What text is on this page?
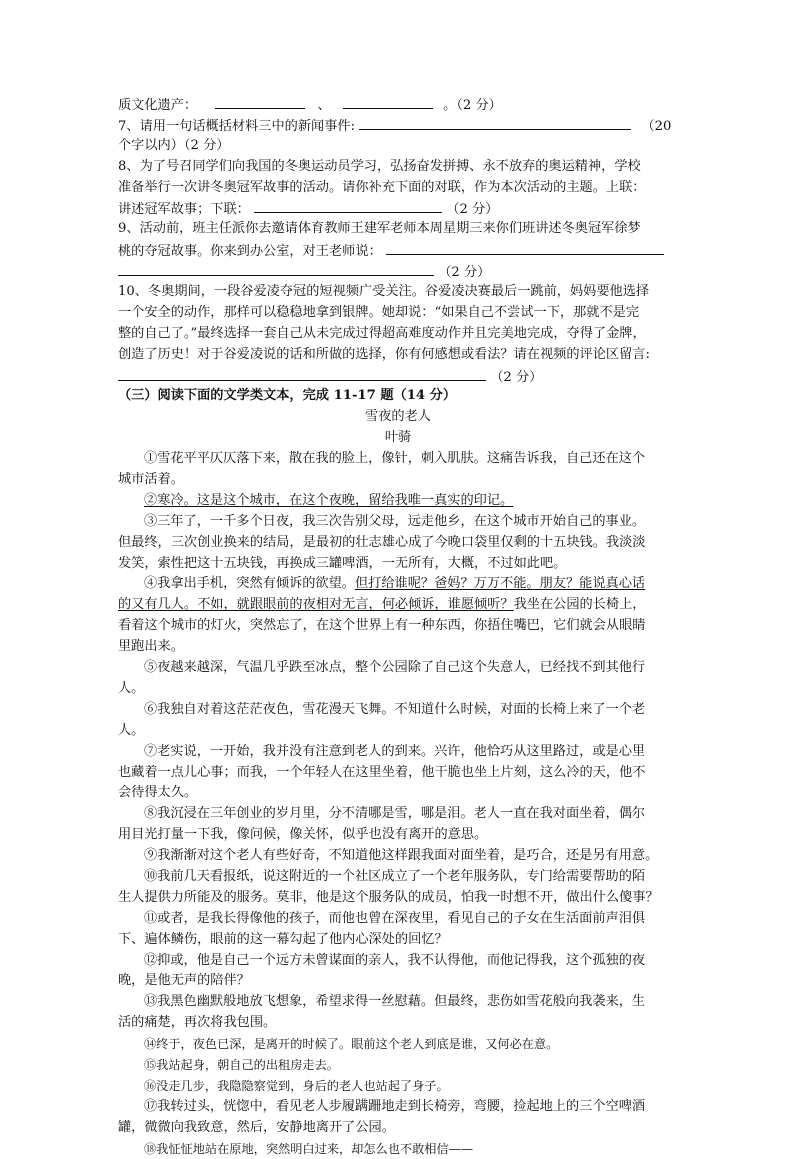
质文化遗产：	、	。（2 分）
7、请用一句话概括材料三中的新闻事件:	（20
个字以内）（2 分）
8、为了号召同学们向我国的冬奥运动员学习，弘扬奋发拼搏、永不放弃的奥运精神，学校
准备举行一次讲冬奥冠军故事的活动。请你补充下面的对联，作为本次活动的主题。上联：
讲述冠军故事；下联：	（2 分）
9、活动前，班主任派你去邀请体育教师王建军老师本周星期三来你们班讲述冬奥冠军徐梦
桃的夺冠故事。你来到办公室，对王老师说：
（2 分）
10、冬奥期间，一段谷爱凌夺冠的短视频广受关注。谷爱凌决赛最后一跳前，妈妈要他选择
一个安全的动作，那样可以稳稳地拿到银牌。她却说：“如果自己不尝试一下，那就不是完
整的自己了。”最终选择一套自己从未完成过得超高难度动作并且完美地完成，夺得了金牌，
创造了历史！对于谷爱凌说的话和所做的选择，你有何感想或看法？请在视频的评论区留言:
（2 分）
（三）阅读下面的文学类文本，完成 11-17 题（14 分）
雪夜的老人
叶骑
①雪花平平仄仄落下来，散在我的脸上，像针，刺入肌肤。这痛告诉我，自己还在这个
城市活着。
②寒冷。这是这个城市，在这个夜晚，留给我唯一真实的印记。
③三年了，一千多个日夜，我三次告别父母，远走他乡，在这个城市开始自己的事业。
但最终，三次创业换来的结局，是最初的壮志雄心成了今晚口袋里仅剩的十五块钱。我淡淡
发笑，索性把这十五块钱，再换成三罐啤酒，一无所有，大概，不过如此吧。
④我拿出手机，突然有倾诉的欲望。但打给谁呢？爸妈？万万不能。朋友？能说真心话
的又有几人。不如，就跟眼前的夜相对无言，何必倾诉，谁愿倾听？我坐在公园的长椅上，
看着这个城市的灯火，突然忘了，在这个世界上有一种东西，你捂住嘴巴，它们就会从眼睛
里跑出来。
⑤夜越来越深，气温几乎跌至冰点，整个公园除了自己这个失意人，已经找不到其他行
人。
⑥我独自对着这茫茫夜色，雪花漫天飞舞。不知道什么时候，对面的长椅上来了一个老
人。
⑦老实说，一开始，我并没有注意到老人的到来。兴许，他恰巧从这里路过，或是心里
也藏着一点儿心事；而我，一个年轻人在这里坐着，他干脆也坐上片刻，这么冷的天，他不
会待得太久。
⑧我沉浸在三年创业的岁月里，分不清哪是雪，哪是泪。老人一直在我对面坐着，偶尔
用目光打量一下我，像问候，像关怀，似乎也没有离开的意思。
⑨我渐渐对这个老人有些好奇，不知道他这样跟我面对面坐着，是巧合，还是另有用意。
⑩我前几天看报纸，说这附近的一个社区成立了一个老年服务队，专门给需要帮助的陌
生人提供力所能及的服务。莫非，他是这个服务队的成员，怕我一时想不开，做出什么傻事？
⑪或者，是我长得像他的孩子，而他也曾在深夜里，看见自己的子女在生活面前声泪俱
下、遍体鳞伤，眼前的这一幕勾起了他内心深处的回忆？
⑫抑或，他是自己一个远方未曾谋面的亲人，我不认得他，而他记得我，这个孤独的夜
晚，是他无声的陪伴？
⑬我黑色幽默般地放飞想象，希望求得一丝慰藉。但最终，悲伤如雪花般向我袭来，生
活的痛楚，再次将我包围。
⑭终于，夜色已深，是离开的时候了。眼前这个老人到底是谁，又何必在意。
⑮我站起身，朝自己的出租房走去。
⑯没走几步，我隐隐察觉到，身后的老人也站起了身子。
⑰我转过头，恍惚中，看见老人步履蹒跚地走到长椅旁，弯腰，捡起地上的三个空啤酒
罐，微微向我致意，然后，安静地离开了公园。
⑱我怔怔地站在原地，突然明白过来，却怎么也不敢相信——
